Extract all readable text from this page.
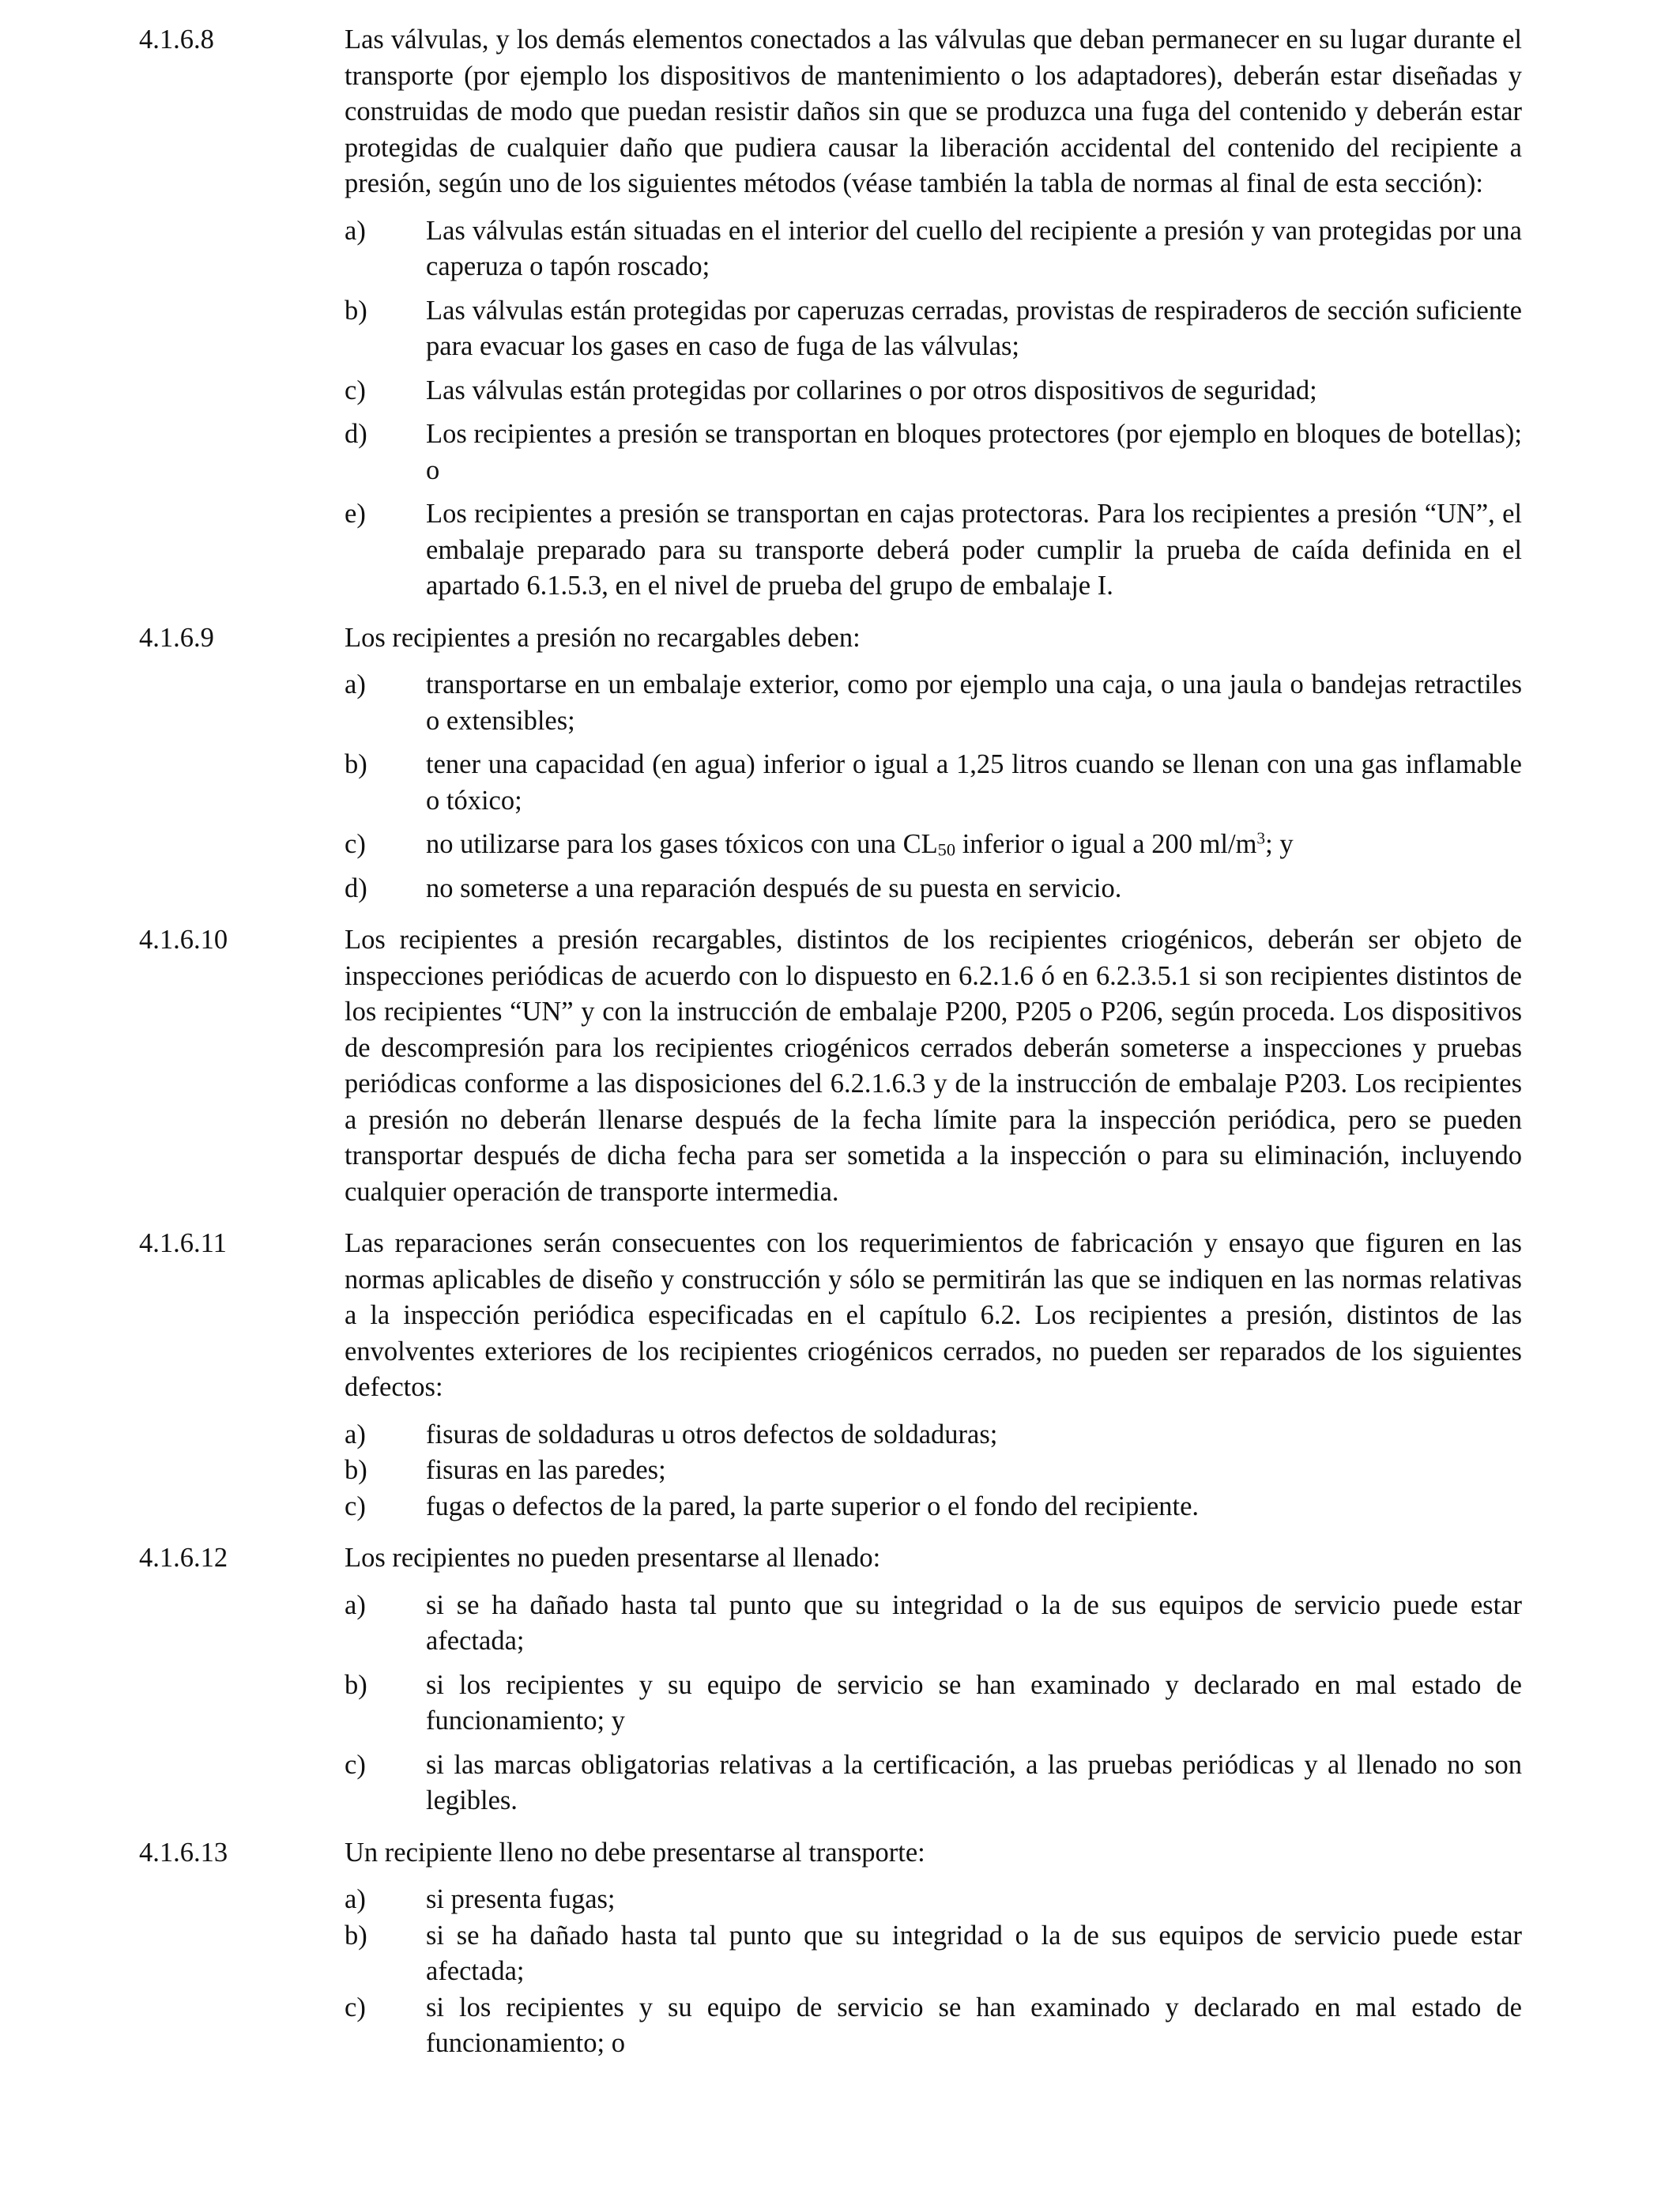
4.1.6.8	Las válvulas, y los demás elementos conectados a las válvulas que deban permanecer en su lugar durante el transporte (por ejemplo los dispositivos de mantenimiento o los adaptadores), deberán estar diseñadas y construidas de modo que puedan resistir daños sin que se produzca una fuga del contenido y deberán estar protegidas de cualquier daño que pudiera causar la liberación accidental del contenido del recipiente a presión, según uno de los siguientes métodos (véase también la tabla de normas al final de esta sección):

a)	Las válvulas están situadas en el interior del cuello del recipiente a presión y van protegidas por una caperuza o tapón roscado;
b)	Las válvulas están protegidas por caperuzas cerradas, provistas de respiraderos de sección suficiente para evacuar los gases en caso de fuga de las válvulas;
c)	Las válvulas están protegidas por collarines o por otros dispositivos de seguridad;
d)	Los recipientes a presión se transportan en bloques protectores (por ejemplo en bloques de botellas); o
e)	Los recipientes a presión se transportan en cajas protectoras. Para los recipientes a presión “UN”, el embalaje preparado para su transporte deberá poder cumplir la prueba de caída definida en el apartado 6.1.5.3, en el nivel de prueba del grupo de embalaje I.
4.1.6.9	Los recipientes a presión no recargables deben:

a)	transportarse en un embalaje exterior, como por ejemplo una caja, o una jaula o bandejas retractiles o extensibles;
b)	tener una capacidad (en agua) inferior o igual a 1,25 litros cuando se llenan con una gas inflamable o tóxico;
c)	no utilizarse para los gases tóxicos con una $CL_{50}$ inferior o igual a 200 $ml/m^3$; y
d)	no someterse a una reparación después de su puesta en servicio.
4.1.6.10	Los recipientes a presión recargables, distintos de los recipientes criogénicos, deberán ser objeto de inspecciones periódicas de acuerdo con lo dispuesto en 6.2.1.6 ó en 6.2.3.5.1 si son recipientes distintos de los recipientes “UN” y con la instrucción de embalaje P200, P205 o P206, según proceda. Los dispositivos de descompresión para los recipientes criogénicos cerrados deberán someterse a inspecciones y pruebas periódicas conforme a las disposiciones del 6.2.1.6.3 y de la instrucción de embalaje P203. Los recipientes a presión no deberán llenarse después de la fecha límite para la inspección periódica, pero se pueden transportar después de dicha fecha para ser sometida a la inspección o para su eliminación, incluyendo cualquier operación de transporte intermedia.

4.1.6.11	Las reparaciones serán consecuentes con los requerimientos de fabricación y ensayo que figuren en las normas aplicables de diseño y construcción y sólo se permitirán las que se indiquen en las normas relativas a la inspección periódica especificadas en el capítulo 6.2. Los recipientes a presión, distintos de las envolventes exteriores de los recipientes criogénicos cerrados, no pueden ser reparados de los siguientes defectos:

a)	fisuras de soldaduras u otros defectos de soldaduras;
b)	fisuras en las paredes;
c)	fugas o defectos de la pared, la parte superior o el fondo del recipiente.
4.1.6.12	Los recipientes no pueden presentarse al llenado:

a)	si se ha dañado hasta tal punto que su integridad o la de sus equipos de servicio puede estar afectada;
b)	si los recipientes y su equipo de servicio se han examinado y declarado en mal estado de funcionamiento; y
c)	si las marcas obligatorias relativas a la certificación, a las pruebas periódicas y al llenado no son legibles.
4.1.6.13	Un recipiente lleno no debe presentarse al transporte:

a)	si presenta fugas;
b)	si se ha dañado hasta tal punto que su integridad o la de sus equipos de servicio puede estar afectada;
c)	si los recipientes y su equipo de servicio se han examinado y declarado en mal estado de funcionamiento; o
